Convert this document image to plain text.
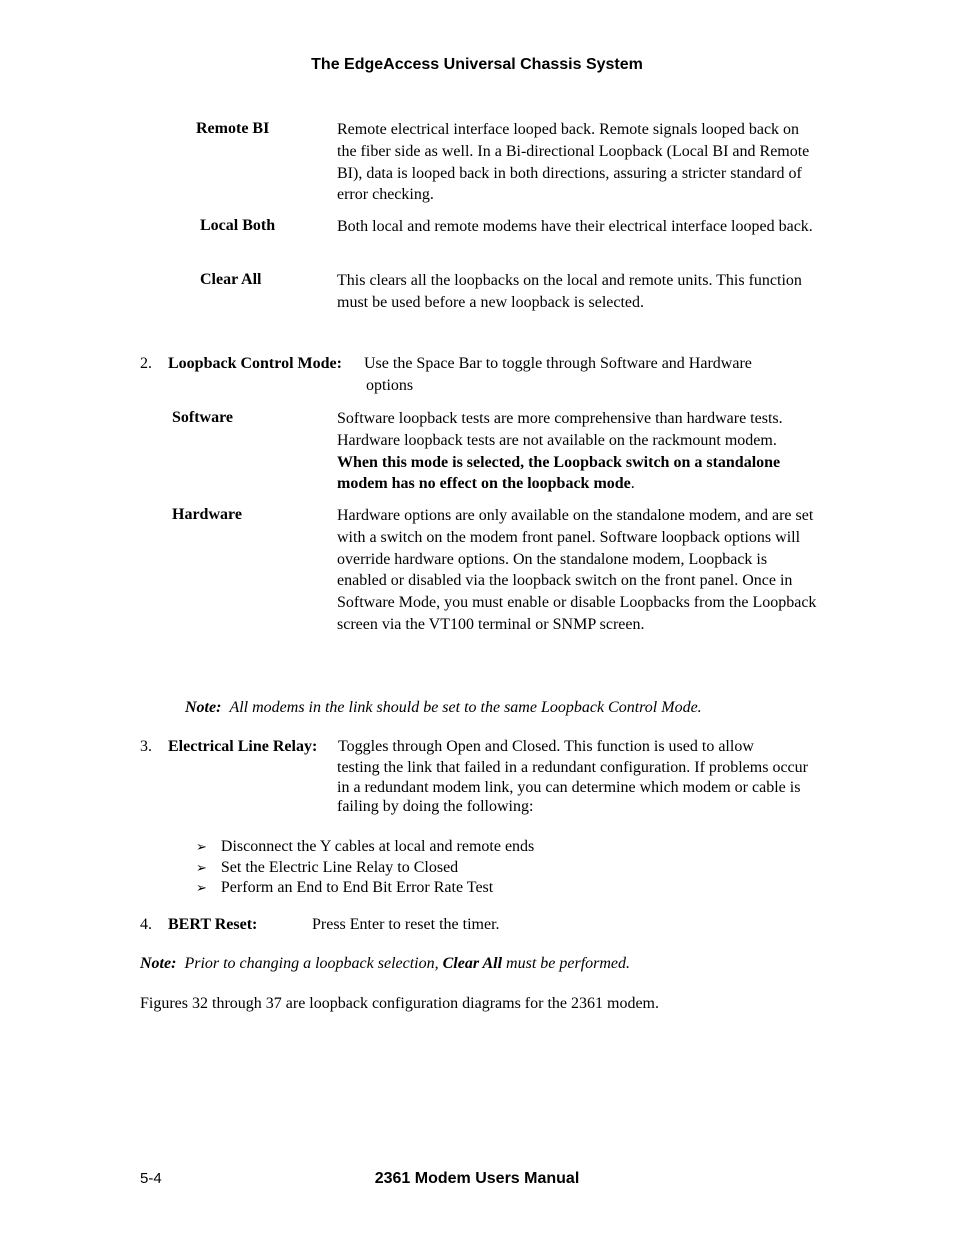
The EdgeAccess Universal Chassis System
Remote BI	Remote electrical interface looped back. Remote signals looped back on the fiber side as well. In a Bi-directional Loopback (Local BI and Remote BI), data is looped back in both directions, assuring a stricter standard of error checking.
Local Both	Both local and remote modems have their electrical interface looped back.
Clear All	This clears all the loopbacks on the local and remote units. This function must be used before a new loopback is selected.
2. Loopback Control Mode: Use the Space Bar to toggle through Software and Hardware
options
Software	Software loopback tests are more comprehensive than hardware tests. Hardware loopback tests are not available on the rackmount modem. When this mode is selected, the Loopback switch on a standalone modem has no effect on the loopback mode.
Hardware	Hardware options are only available on the standalone modem, and are set with a switch on the modem front panel. Software loopback options will override hardware options. On the standalone modem, Loopback is enabled or disabled via the loopback switch on the front panel. Once in Software Mode, you must enable or disable Loopbacks from the Loopback screen via the VT100 terminal or SNMP screen.
Note: All modems in the link should be set to the same Loopback Control Mode.
3. Electrical Line Relay: Toggles through Open and Closed. This function is used to allow
testing the link that failed in a redundant configuration. If problems occur in a redundant modem link, you can determine which modem or cable is failing by doing the following:
➢ Disconnect the Y cables at local and remote ends
➢ Set the Electric Line Relay to Closed
➢ Perform an End to End Bit Error Rate Test
4. BERT Reset:	Press Enter to reset the timer.
Note: Prior to changing a loopback selection, Clear All must be performed.
Figures 32 through 37 are loopback configuration diagrams for the 2361 modem.
5-4	2361 Modem Users Manual
